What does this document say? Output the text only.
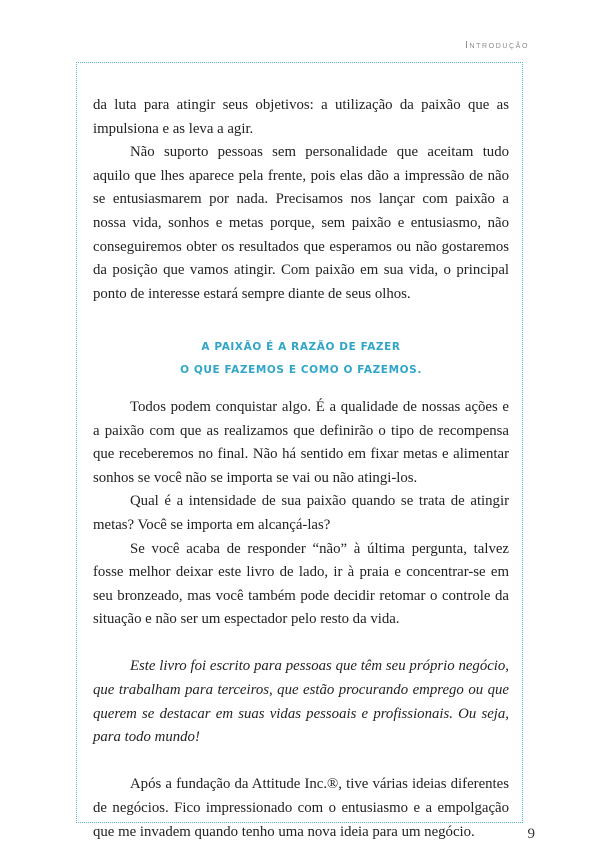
Introdução

da luta para atingir seus objetivos: a utilização da paixão que as impulsiona e as leva a agir.

Não suporto pessoas sem personalidade que aceitam tudo aquilo que lhes aparece pela frente, pois elas dão a impressão de não se entusiasmarem por nada. Precisamos nos lançar com paixão a nossa vida, sonhos e metas porque, sem paixão e entusiasmo, não conseguiremos obter os resultados que esperamos ou não gostaremos da posição que vamos atingir. Com paixão em sua vida, o principal ponto de interesse estará sempre diante de seus olhos.

A PAIXÃO É A RAZÃO DE FAZER
O QUE FAZEMOS E COMO O FAZEMOS.

Todos podem conquistar algo. É a qualidade de nossas ações e a paixão com que as realizamos que definirão o tipo de recompensa que receberemos no final. Não há sentido em fixar metas e alimentar sonhos se você não se importa se vai ou não atingi-los.

Qual é a intensidade de sua paixão quando se trata de atingir metas? Você se importa em alcançá-las?

Se você acaba de responder “não” à última pergunta, talvez fosse melhor deixar este livro de lado, ir à praia e concentrar-se em seu bronzeado, mas você também pode decidir retomar o controle da situação e não ser um espectador pelo resto da vida.

Este livro foi escrito para pessoas que têm seu próprio negócio, que trabalham para terceiros, que estão procurando emprego ou que querem se destacar em suas vidas pessoais e profissionais. Ou seja, para todo mundo!

Após a fundação da Attitude Inc.®, tive várias ideias diferentes de negócios. Fico impressionado com o entusiasmo e a empolgação que me invadem quando tenho uma nova ideia para um negócio.	9
